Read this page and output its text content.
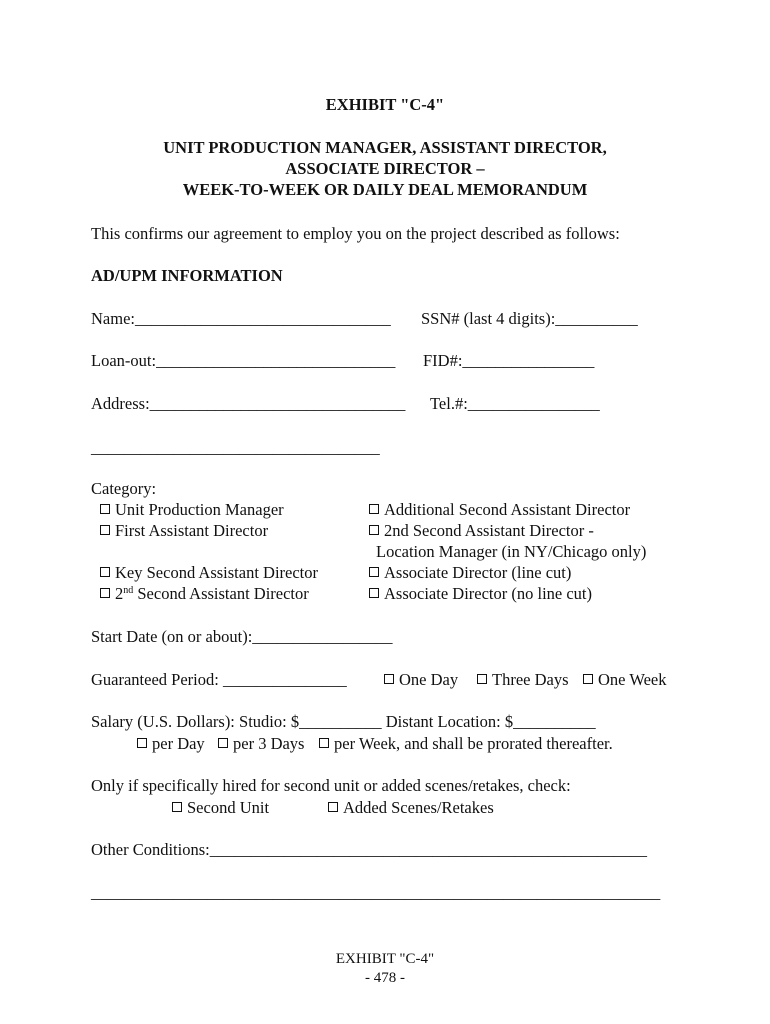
EXHIBIT "C-4"
UNIT PRODUCTION MANAGER, ASSISTANT DIRECTOR,
ASSOCIATE DIRECTOR –
WEEK-TO-WEEK OR DAILY DEAL MEMORANDUM
This confirms our agreement to employ you on the project described as follows:
AD/UPM INFORMATION
Name:_______________________________ SSN# (last 4 digits):__________
Loan-out:_____________________________ FID#:________________
Address:_______________________________ Tel.#:________________
___________________________________
Category:
Unit Production Manager
First Assistant Director
Key Second Assistant Director
2nd Second Assistant Director
Additional Second Assistant Director
2nd Second Assistant Director -
Location Manager (in NY/Chicago only)
Associate Director (line cut)
Associate Director (no line cut)
Start Date (on or about):_________________
Guaranteed Period: _______________	One Day	Three Days	One Week
Salary (U.S. Dollars): Studio: $__________ Distant Location: $__________
per Day	per 3 Days	per Week, and shall be prorated thereafter.
Only if specifically hired for second unit or added scenes/retakes, check:
Second Unit	Added Scenes/Retakes
Other Conditions:_____________________________________________________
_____________________________________________________________________
EXHIBIT "C-4"
- 478 -
